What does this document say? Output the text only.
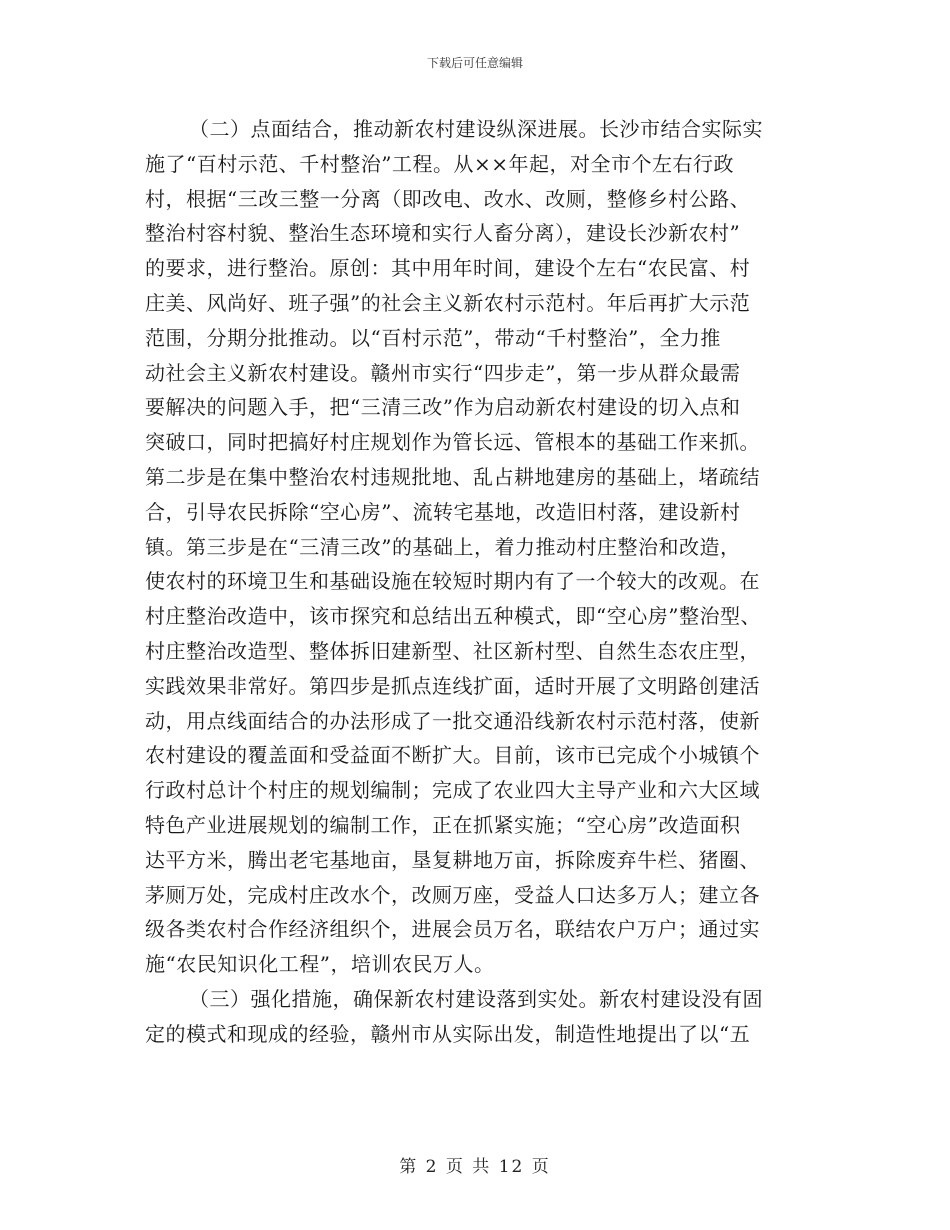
下载后可任意编辑
（二）点面结合，推动新农村建设纵深进展。长沙市结合实际实
施了“百村示范、千村整治”工程。从××年起，对全市个左右行政
村，根据“三改三整一分离（即改电、改水、改厕，整修乡村公路、
整治村容村貌、整治生态环境和实行人畜分离），建设长沙新农村”
的要求，进行整治。原创：其中用年时间，建设个左右“农民富、村
庄美、风尚好、班子强”的社会主义新农村示范村。年后再扩大示范
范围，分期分批推动。以“百村示范”，带动“千村整治”，全力推
动社会主义新农村建设。赣州市实行“四步走”，第一步从群众最需
要解决的问题入手，把“三清三改”作为启动新农村建设的切入点和
突破口，同时把搞好村庄规划作为管长远、管根本的基础工作来抓。
第二步是在集中整治农村违规批地、乱占耕地建房的基础上，堵疏结
合，引导农民拆除“空心房”、流转宅基地，改造旧村落，建设新村
镇。第三步是在“三清三改”的基础上，着力推动村庄整治和改造，
使农村的环境卫生和基础设施在较短时期内有了一个较大的改观。在
村庄整治改造中，该市探究和总结出五种模式，即“空心房”整治型、
村庄整治改造型、整体拆旧建新型、社区新村型、自然生态农庄型，
实践效果非常好。第四步是抓点连线扩面，适时开展了文明路创建活
动，用点线面结合的办法形成了一批交通沿线新农村示范村落，使新
农村建设的覆盖面和受益面不断扩大。目前，该市已完成个小城镇个
行政村总计个村庄的规划编制；完成了农业四大主导产业和六大区域
特色产业进展规划的编制工作，正在抓紧实施；“空心房”改造面积
达平方米，腾出老宅基地亩，垦复耕地万亩，拆除废弃牛栏、猪圈、
茅厕万处，完成村庄改水个，改厕万座，受益人口达多万人；建立各
级各类农村合作经济组织个，进展会员万名，联结农户万户；通过实
施“农民知识化工程”，培训农民万人。
（三）强化措施，确保新农村建设落到实处。新农村建设没有固
定的模式和现成的经验，赣州市从实际出发，制造性地提出了以“五
第 2 页 共 12 页
